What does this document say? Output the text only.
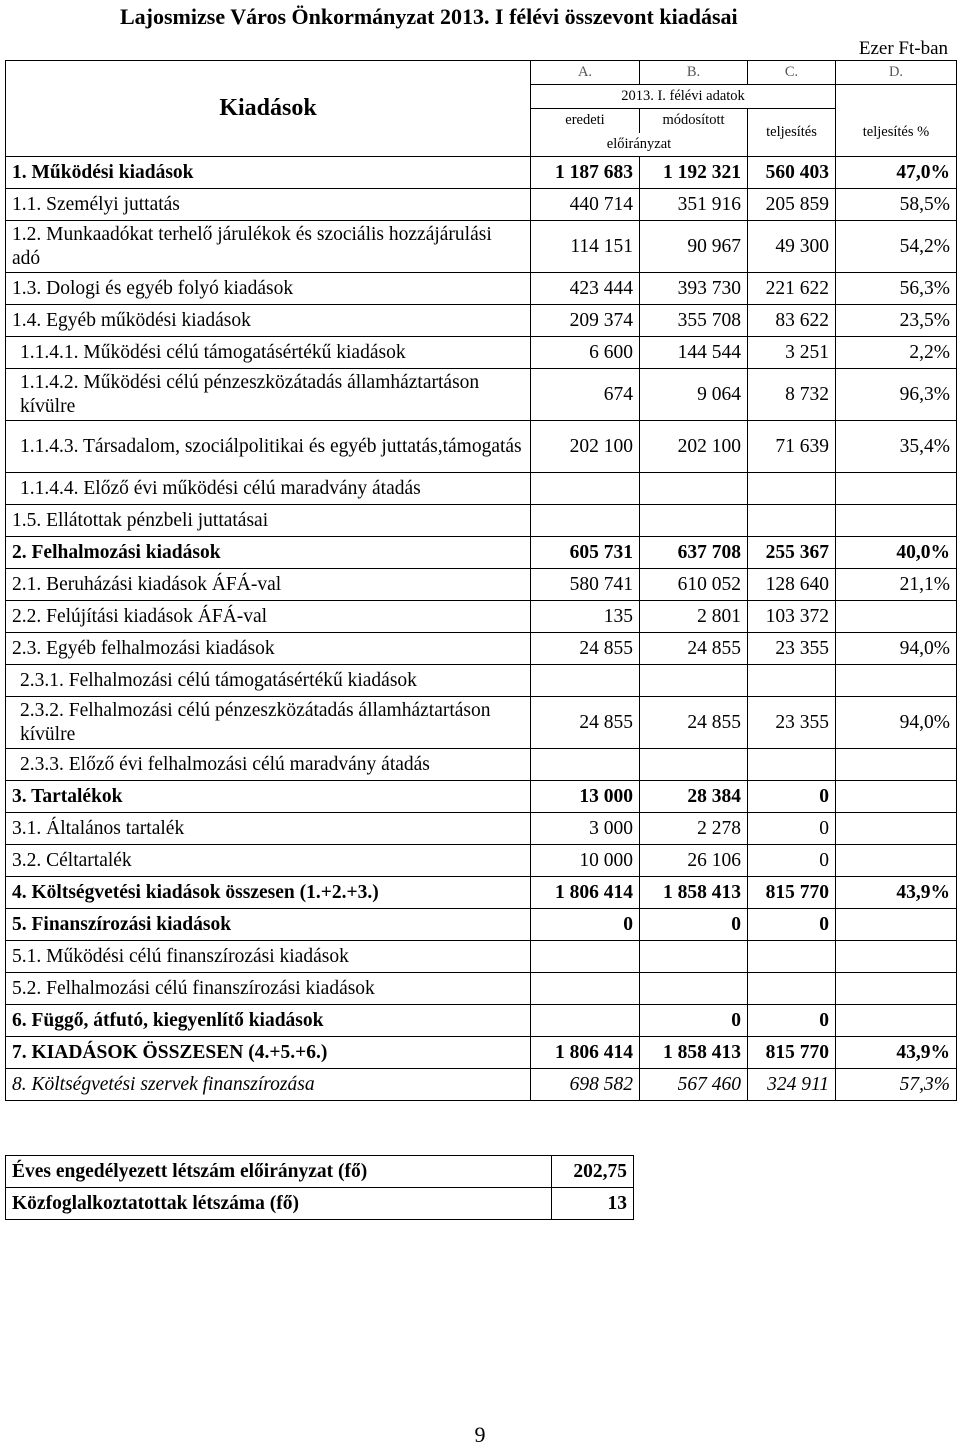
Lajosmizse Város Önkormányzat 2013. I félévi összevont kiadásai
Ezer Ft-ban
Kiadások	A.	B.	C.	D.
	2013. I. félévi adatok			
	eredeti	módosított	teljesítés	teljesítés %
	előirányzat			
1. Működési kiadások	1 187 683	1 192 321	560 403	47,0%
1.1. Személyi juttatás	440 714	351 916	205 859	58,5%
1.2. Munkaadókat terhelő járulékok és szociális hozzájárulási adó	114 151	90 967	49 300	54,2%
1.3. Dologi és egyéb folyó kiadások	423 444	393 730	221 622	56,3%
1.4. Egyéb működési kiadások	209 374	355 708	83 622	23,5%
1.1.4.1. Működési célú támogatásértékű kiadások	6 600	144 544	3 251	2,2%
1.1.4.2. Működési célú pénzeszközátadás államháztartáson kívülre	674	9 064	8 732	96,3%
1.1.4.3. Társadalom, szociálpolitikai és egyéb juttatás,támogatás	202 100	202 100	71 639	35,4%
1.1.4.4. Előző évi működési célú maradvány átadás				
1.5. Ellátottak pénzbeli juttatásai				
2. Felhalmozási kiadások	605 731	637 708	255 367	40,0%
2.1. Beruházási kiadások ÁFÁ-val	580 741	610 052	128 640	21,1%
2.2. Felújítási kiadások ÁFÁ-val	135	2 801	103 372	
2.3. Egyéb felhalmozási kiadások	24 855	24 855	23 355	94,0%
2.3.1. Felhalmozási célú támogatásértékű kiadások				
2.3.2. Felhalmozási célú pénzeszközátadás államháztartáson kívülre	24 855	24 855	23 355	94,0%
2.3.3. Előző évi felhalmozási célú maradvány átadás				
3. Tartalékok	13 000	28 384	0	
3.1. Általános tartalék	3 000	2 278	0	
3.2. Céltartalék	10 000	26 106	0	
4. Költségvetési kiadások összesen (1.+2.+3.)	1 806 414	1 858 413	815 770	43,9%
5. Finanszírozási kiadások	0	0	0	
5.1. Működési célú finanszírozási kiadások				
5.2. Felhalmozási célú finanszírozási kiadások				
6. Függő, átfutó, kiegyenlítő kiadások		0	0	
7. KIADÁSOK ÖSSZESEN (4.+5.+6.)	1 806 414	1 858 413	815 770	43,9%
8. Költségvetési szervek finanszírozása	698 582	567 460	324 911	57,3%
Éves engedélyezett létszám előirányzat (fő)	202,75
Közfoglalkoztatottak létszáma (fő)	13
9
